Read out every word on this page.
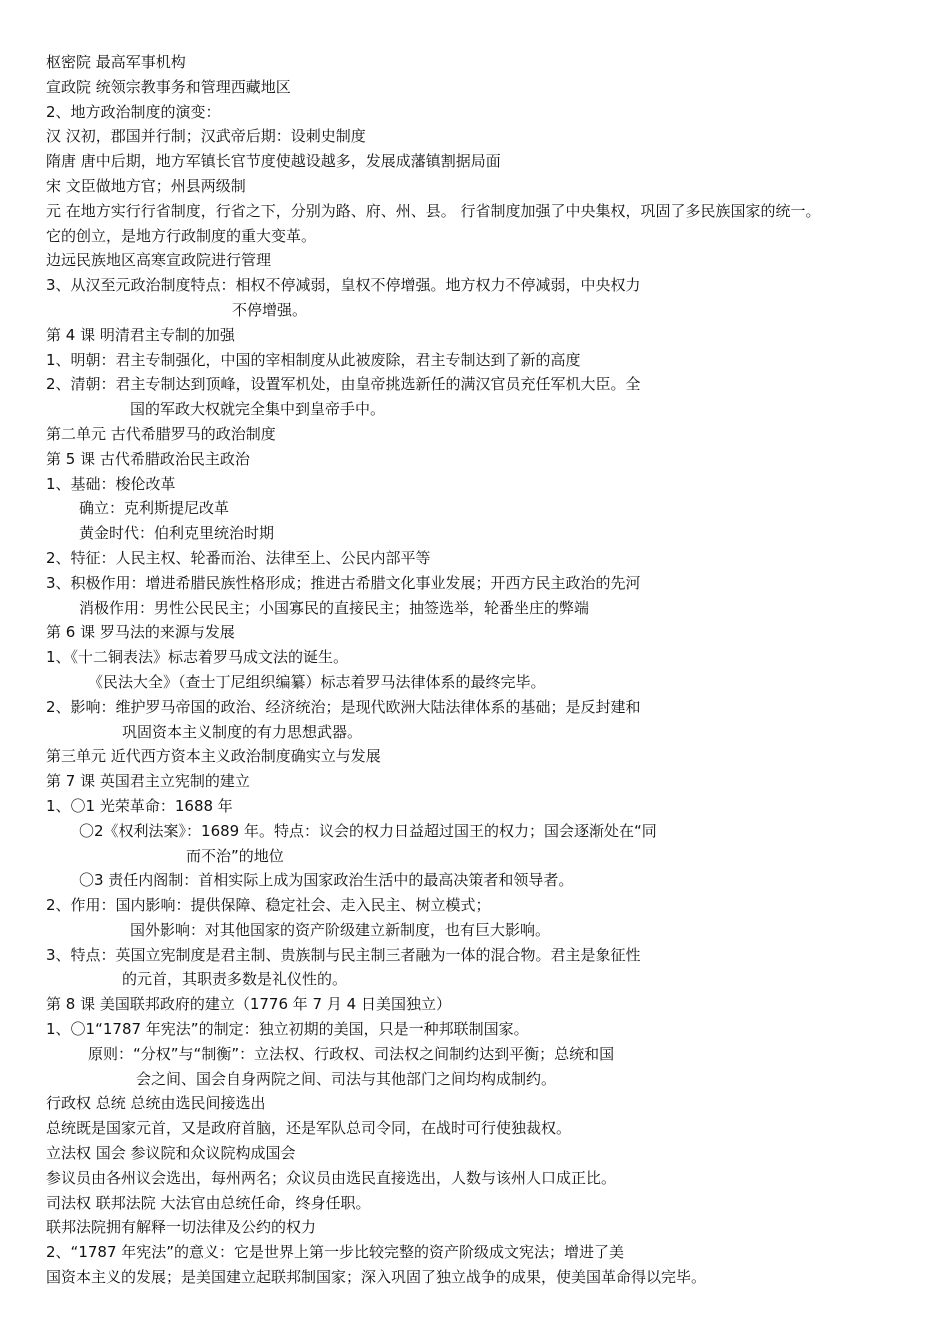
枢密院 最高军事机构
宣政院 统领宗教事务和管理西藏地区
2、地方政治制度的演变：
汉 汉初，郡国并行制；汉武帝后期：设刺史制度
隋唐 唐中后期，地方军镇长官节度使越设越多，发展成藩镇割据局面
宋 文臣做地方官；州县两级制
元 在地方实行行省制度，行省之下，分别为路、府、州、县。 行省制度加强了中央集权，巩固了多民族国家的统一。
它的创立，是地方行政制度的重大变革。
边远民族地区高寒宣政院进行管理
3、从汉至元政治制度特点：相权不停减弱，皇权不停增强。地方权力不停减弱，中央权力
不停增强。
第 4 课 明清君主专制的加强
1、明朝：君主专制强化，中国的宰相制度从此被废除，君主专制达到了新的高度
2、清朝：君主专制达到顶峰，设置军机处，由皇帝挑选新任的满汉官员充任军机大臣。全
国的军政大权就完全集中到皇帝手中。
第二单元 古代希腊罗马的政治制度
第 5 课 古代希腊政治民主政治
1、基础：梭伦改革
确立：克利斯提尼改革
黄金时代：伯利克里统治时期
2、特征：人民主权、轮番而治、法律至上、公民内部平等
3、积极作用：增进希腊民族性格形成；推进古希腊文化事业发展；开西方民主政治的先河
消极作用：男性公民民主；小国寡民的直接民主；抽签选举，轮番坐庄的弊端
第 6 课 罗马法的来源与发展
1、《十二铜表法》标志着罗马成文法的诞生。
《民法大全》（查士丁尼组织编纂）标志着罗马法律体系的最终完毕。
2、影响：维护罗马帝国的政治、经济统治；是现代欧洲大陆法律体系的基础；是反封建和
巩固资本主义制度的有力思想武器。
第三单元 近代西方资本主义政治制度确实立与发展
第 7 课 英国君主立宪制的建立
1、〇1 光荣革命：1688 年
〇2《权利法案》：1689 年。特点：议会的权力日益超过国王的权力；国会逐渐处在“同
而不治”的地位
〇3 责任内阁制：首相实际上成为国家政治生活中的最高决策者和领导者。
2、作用：国内影响：提供保障、稳定社会、走入民主、树立模式；
国外影响：对其他国家的资产阶级建立新制度，也有巨大影响。
3、特点：英国立宪制度是君主制、贵族制与民主制三者融为一体的混合物。君主是象征性
的元首，其职责多数是礼仪性的。
第 8 课 美国联邦政府的建立（1776 年 7 月 4 日美国独立）
1、〇1“1787 年宪法”的制定：独立初期的美国，只是一种邦联制国家。
原则：“分权”与“制衡”：立法权、行政权、司法权之间制约达到平衡；总统和国
会之间、国会自身两院之间、司法与其他部门之间均构成制约。
行政权 总统 总统由选民间接选出
总统既是国家元首，又是政府首脑，还是军队总司令同，在战时可行使独裁权。
立法权 国会 参议院和众议院构成国会
参议员由各州议会选出，每州两名；众议员由选民直接选出，人数与该州人口成正比。
司法权 联邦法院 大法官由总统任命，终身任职。
联邦法院拥有解释一切法律及公约的权力
2、“1787 年宪法”的意义：它是世界上第一步比较完整的资产阶级成文宪法；增进了美
国资本主义的发展；是美国建立起联邦制国家；深入巩固了独立战争的成果，使美国革命得以完毕。
